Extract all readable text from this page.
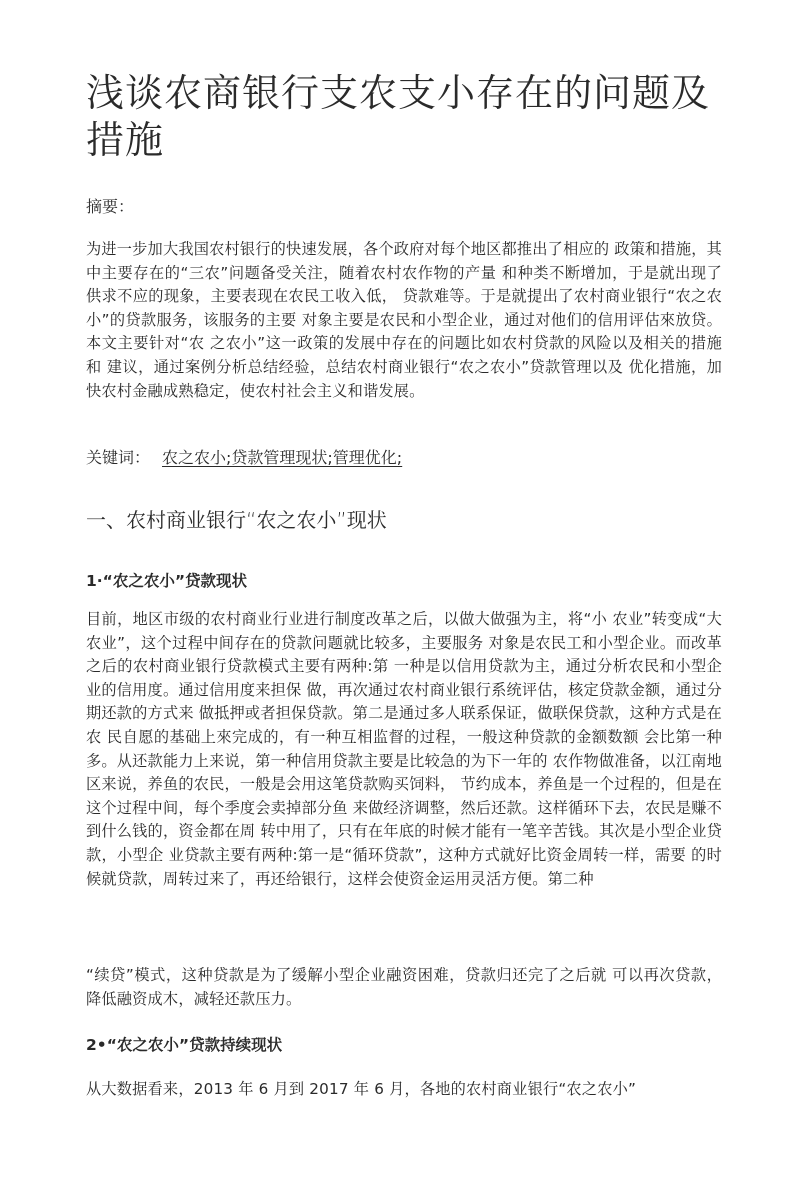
浅谈农商银行支农支小存在的问题及措施

摘要：

为进一步加大我国农村银行的快速发展，各个政府对每个地区都推出了相应的 政策和措施，其中主要存在的“三农”问题备受关注，随着农村农作物的产量 和种类不断增加，于是就出现了供求不应的现象，主要表现在农民工收入低， 贷款难等。于是就提出了农村商业银行“农之农小”的贷款服务，该服务的主要 对象主要是农民和小型企业，通过对他们的信用评估來放贷。本文主要针对“农 之农小”这一政策的发展中存在的问题比如农村贷款的风险以及相关的措施和 建议，通过案例分析总结经验，总结农村商业银行“农之农小”贷款管理以及 优化措施，加快农村金融成熟稳定，使农村社会主义和谐发展。

关键词： 农之农小;贷款管理现状;管理优化;

一、农村商业银行“农之农小”现状
1·“农之农小”贷款现状

目前，地区市级的农村商业行业进行制度改革之后，以做大做强为主，将“小 农业”转变成“大农业”，这个过程中间存在的贷款问题就比较多，主要服务 对象是农民工和小型企业。而改革之后的农村商业银行贷款模式主要有两种:第 一种是以信用贷款为主，通过分析农民和小型企业的信用度。通过信用度来担保 做，再次通过农村商业银行系统评估，核定贷款金额，通过分期还款的方式来 做抵押或者担保贷款。第二是通过多人联系保证，做联保贷款，这种方式是在农 民自愿的基础上來完成的，有一种互相监督的过程，一般这种贷款的金额数额 会比第一种多。从还款能力上来说，第一种信用贷款主要是比较急的为下一年的 农作物做准备，以江南地区来说，养鱼的农民，一般是会用这笔贷款购买饲料， 节约成本，养鱼是一个过程的，但是在这个过程中间，每个季度会卖掉部分鱼 来做经济调整，然后还款。这样循环下去，农民是赚不到什么钱的，资金都在周 转中用了，只有在年底的时候才能有一笔辛苦钱。其次是小型企业贷款，小型企 业贷款主要有两种:第一是“循环贷款”，这种方式就好比资金周转一样，需要 的时候就贷款，周转过来了，再还给银行，这样会使资金运用灵活方便。第二种

“续贷”模式，这种贷款是为了缓解小型企业融资困难，贷款归还完了之后就 可以再次贷款，降低融资成木，减轻还款压力。

2•“农之农小”贷款持续现状

从大数据看来，2013 年 6 月到 2017 年 6 月，各地的农村商业银行“农之农小”
